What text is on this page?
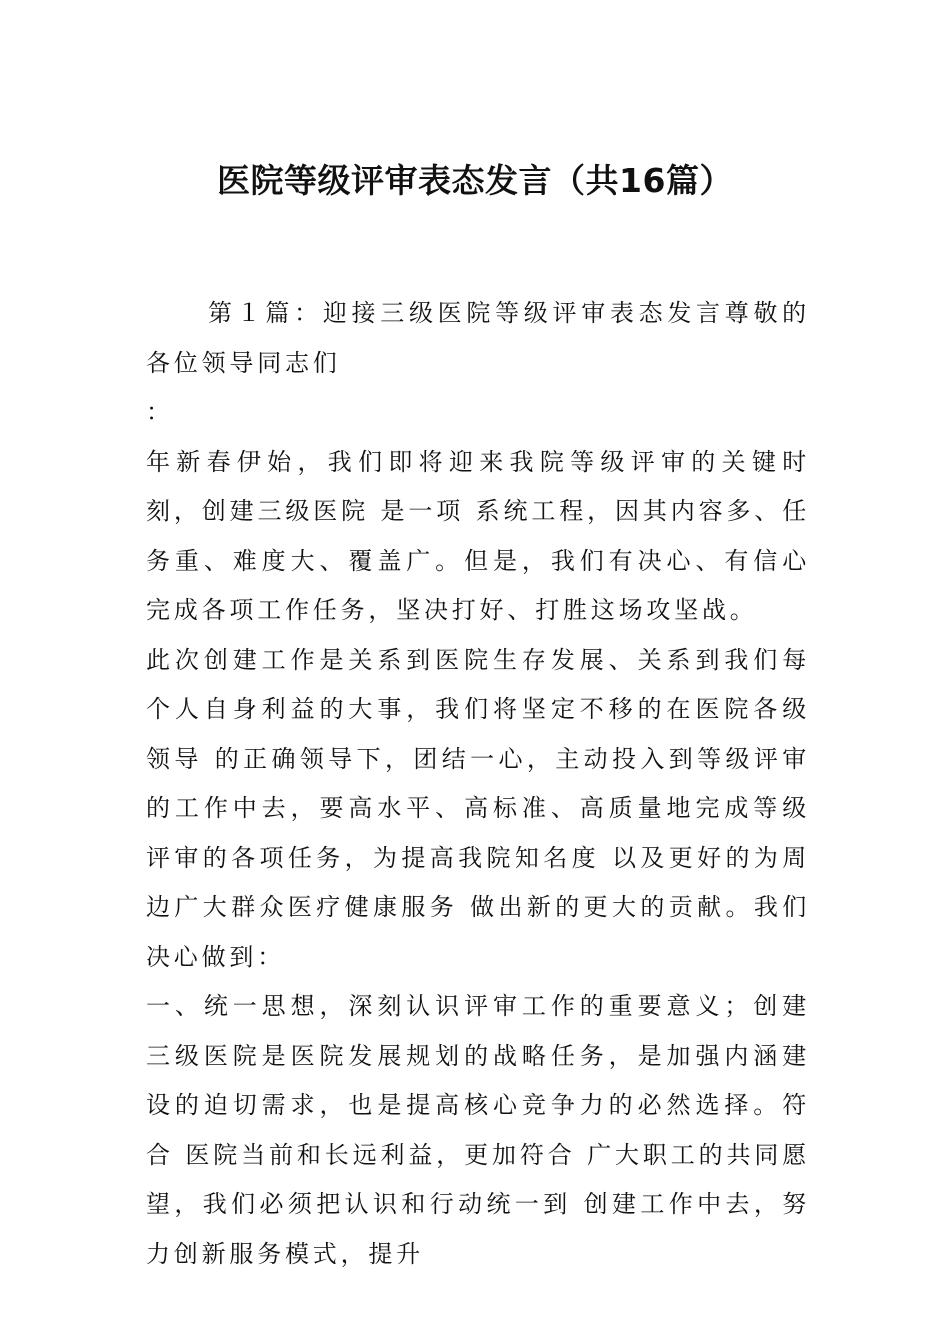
医院等级评审表态发言（共16篇）

第１篇：迎接三级医院等级评审表态发言尊敬的各位领导同志们

：

年新春伊始，我们即将迎来我院等级评审的关键时刻，创建三级医院 是一项 系统工程，因其内容多、任务重、难度大、覆盖广。但是，我们有决心、有信心完成各项工作任务，坚决打好、打胜这场攻坚战。

此次创建工作是关系到医院生存发展、关系到我们每个人自身利益的大事，我们将坚定不移的在医院各级领导 的正确领导下，团结一心，主动投入到等级评审的工作中去，要高水平、高标准、高质量地完成等级评审的各项任务，为提高我院知名度 以及更好的为周边广大群众医疗健康服务 做出新的更大的贡献。我们决心做到：

一、统一思想，深刻认识评审工作的重要意义；创建三级医院是医院发展规划的战略任务，是加强内涵建设的迫切需求，也是提高核心竞争力的必然选择。符合 医院当前和长远利益，更加符合 广大职工的共同愿望，我们必须把认识和行动统一到 创建工作中去，努力创新服务模式，提升
